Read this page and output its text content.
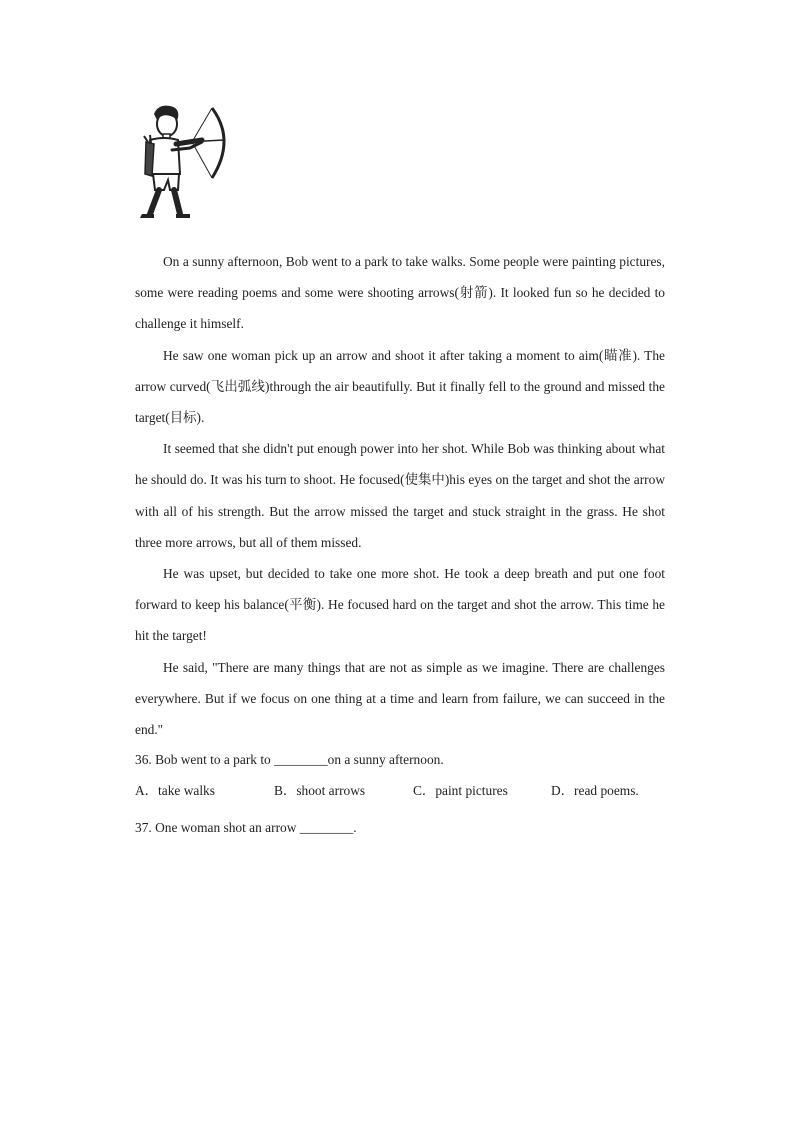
On a sunny afternoon, Bob went to a park to take walks. Some people were painting pictures, some were reading poems and some were shooting arrows(射箭). It looked fun so he decided to challenge it himself.

He saw one woman pick up an arrow and shoot it after taking a moment to aim(瞄准). The arrow curved(飞出弧线)through the air beautifully. But it finally fell to the ground and missed the target(目标).

It seemed that she didn't put enough power into her shot. While Bob was thinking about what he should do. It was his turn to shoot. He focused(使集中)his eyes on the target and shot the arrow with all of his strength. But the arrow missed the target and stuck straight in the grass. He shot three more arrows, but all of them missed.

He was upset, but decided to take one more shot. He took a deep breath and put one foot forward to keep his balance(平衡). He focused hard on the target and shot the arrow. This time he hit the target!

He said, "There are many things that are not as simple as we imagine. There are challenges everywhere. But if we focus on one thing at a time and learn from failure, we can succeed in the end."

36. Bob went to a park to ________on a sunny afternoon.
A．take walks	B．shoot arrows	C．paint pictures	D．read poems.
37. One woman shot an arrow ________.
